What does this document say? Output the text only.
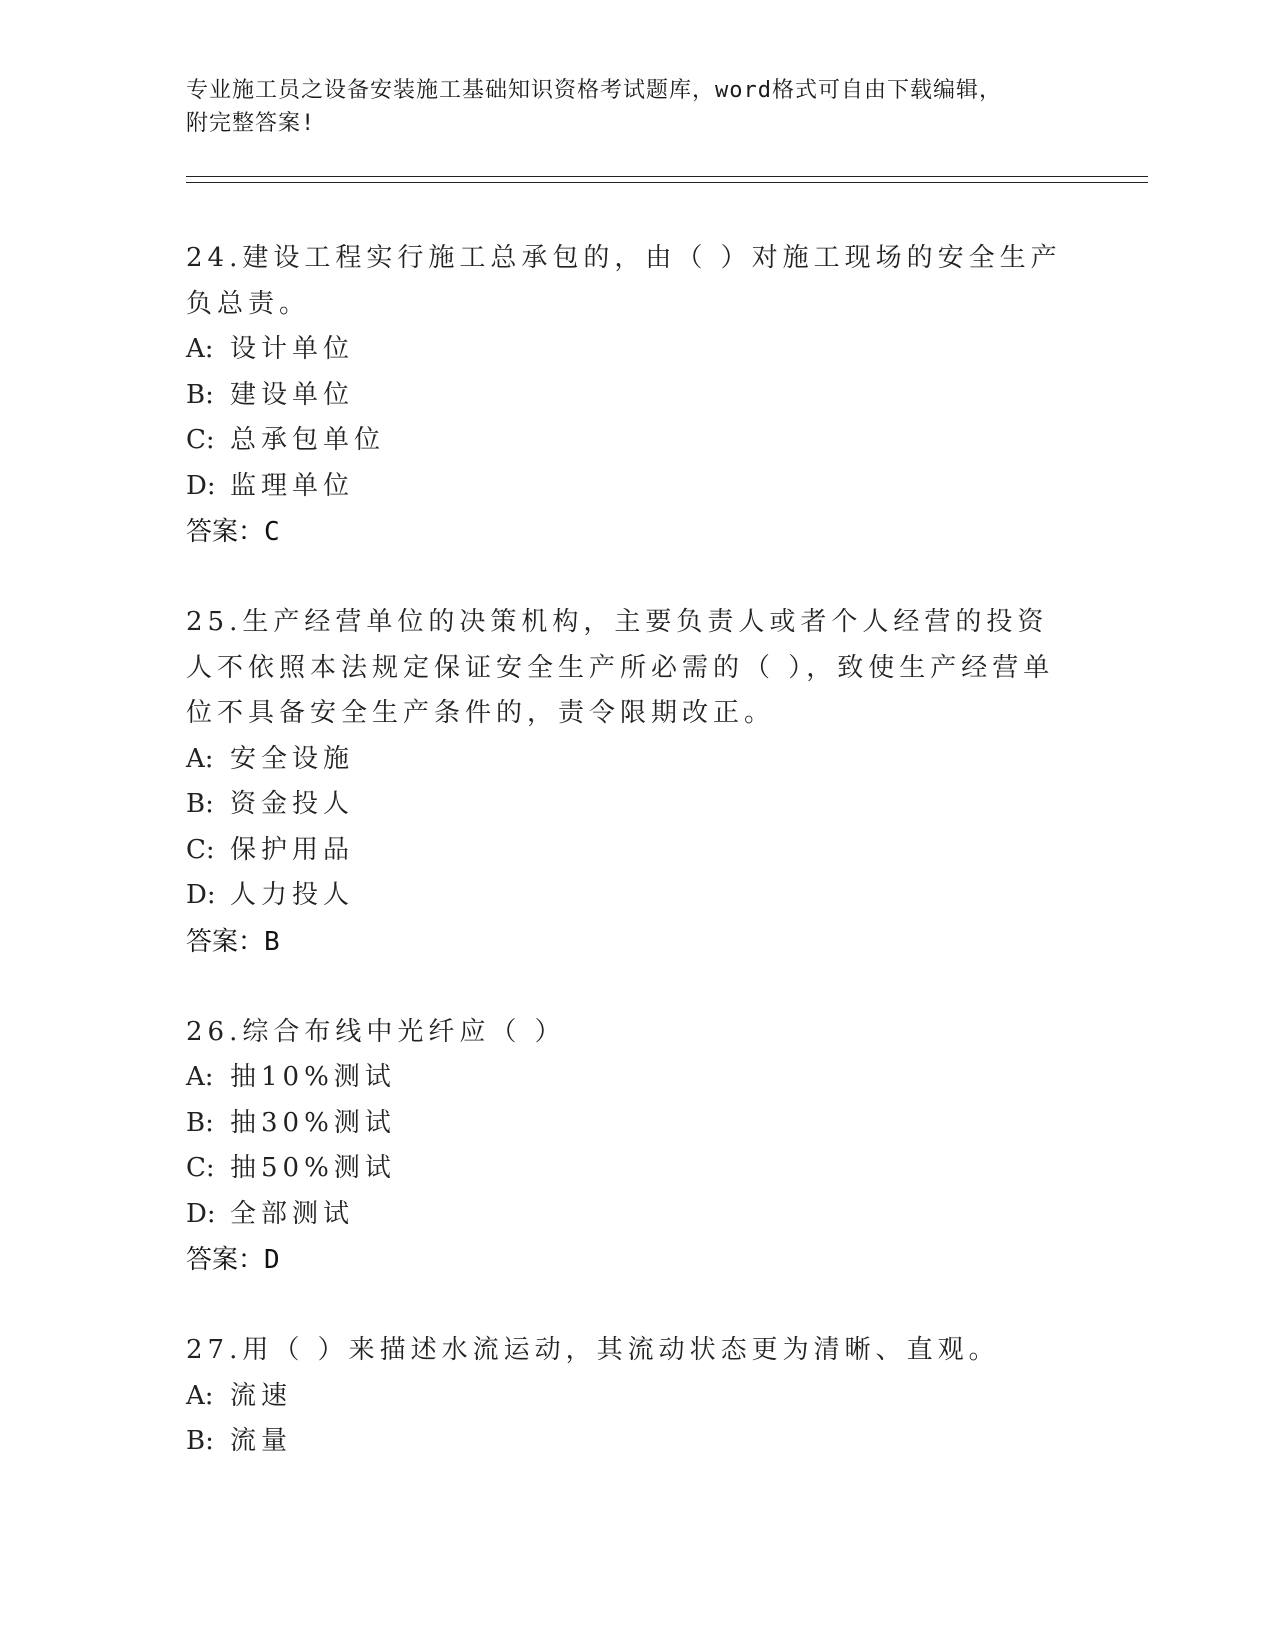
专业施工员之设备安装施工基础知识资格考试题库，word格式可自由下载编辑，
附完整答案!
24.建设工程实行施工总承包的，由（ ）对施工现场的安全生产负总责。
A: 设计单位
B: 建设单位
C: 总承包单位
D: 监理单位
答案：C
25.生产经营单位的决策机构，主要负责人或者个人经营的投资人不依照本法规定保证安全生产所必需的（ ），致使生产经营单位不具备安全生产条件的，责令限期改正。
A: 安全设施
B: 资金投人
C: 保护用品
D: 人力投人
答案：B
26.综合布线中光纤应（ ）
A: 抽10%测试
B: 抽30%测试
C: 抽50%测试
D: 全部测试
答案：D
27.用（ ）来描述水流运动，其流动状态更为清晰、直观。
A: 流速
B: 流量
